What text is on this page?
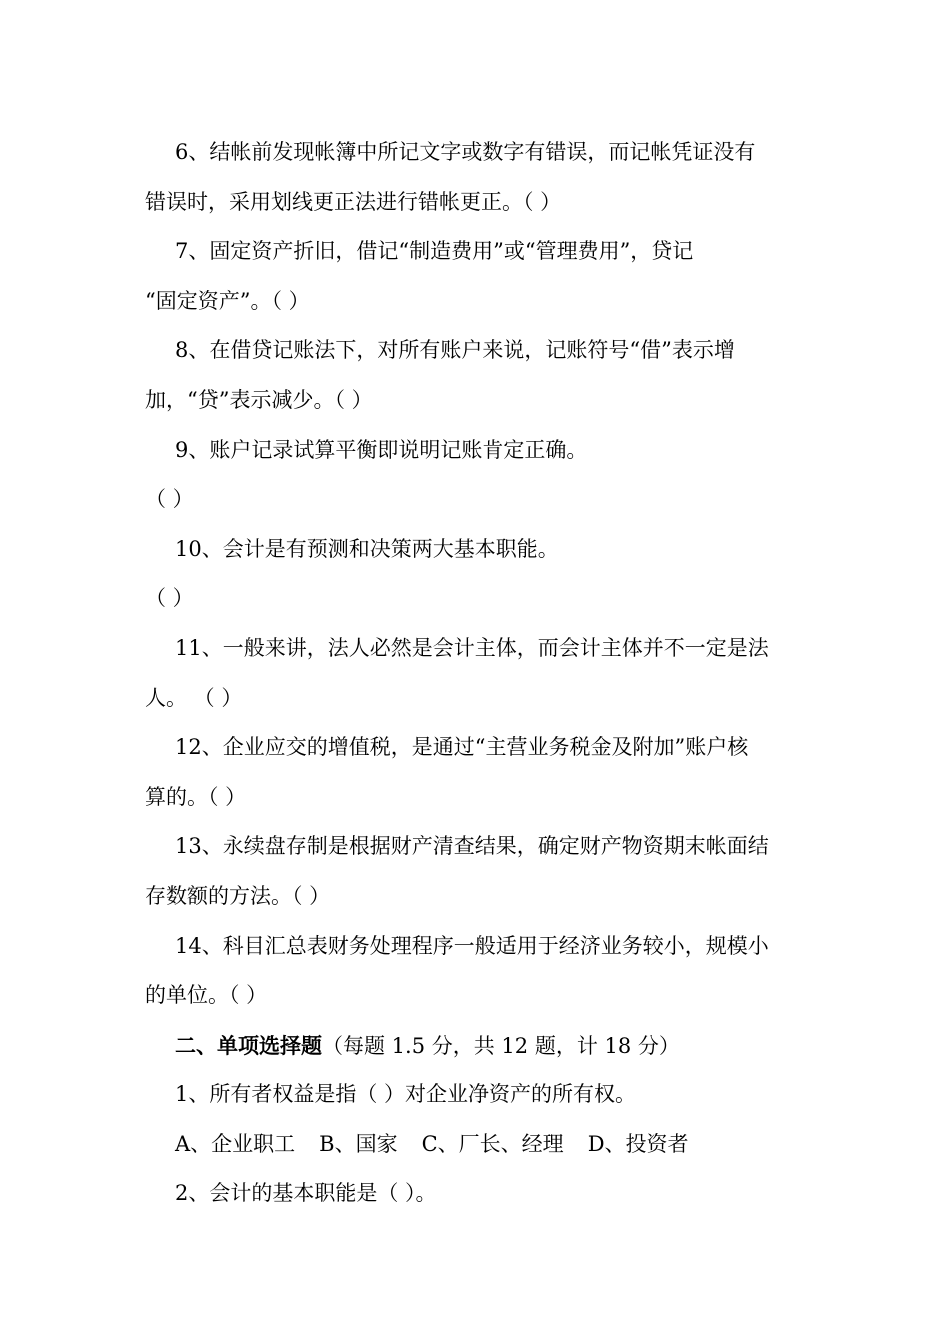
6、结帐前发现帐簿中所记文字或数字有错误，而记帐凭证没有
错误时，采用划线更正法进行错帐更正。（ ）
7、固定资产折旧，借记“制造费用”或“管理费用”，贷记
“固定资产”。（ ）
8、在借贷记账法下，对所有账户来说，记账符号“借”表示增
加，“贷”表示减少。（ ）
9、账户记录试算平衡即说明记账肯定正确。
（ ）
10、会计是有预测和决策两大基本职能。
（ ）
11、一般来讲，法人必然是会计主体，而会计主体并不一定是法
人。 （ ）
12、企业应交的增值税，是通过“主营业务税金及附加”账户核
算的。（ ）
13、永续盘存制是根据财产清查结果，确定财产物资期末帐面结
存数额的方法。（ ）
14、科目汇总表财务处理程序一般适用于经济业务较小，规模小
的单位。（ ）
二、单项选择题（每题 1.5 分，共 12 题，计 18 分）
1、所有者权益是指（ ）对企业净资产的所有权。
A、企业职工 B、国家 C、厂长、经理 D、投资者
2、会计的基本职能是（ ）。
